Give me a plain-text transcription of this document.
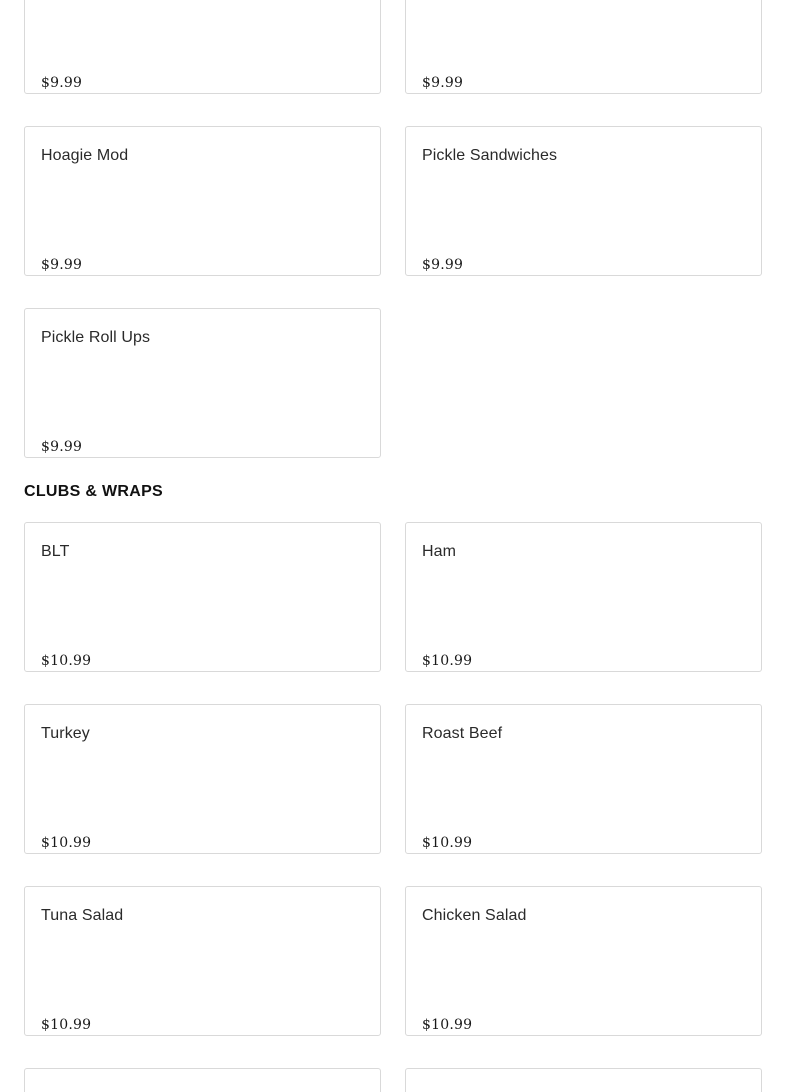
$9.99	$9.99
Hoagie Mod
$9.99
Pickle Sandwiches
$9.99
Pickle Roll Ups
$9.99
CLUBS & WRAPS
BLT
$10.99
Ham
$10.99
Turkey
$10.99
Roast Beef
$10.99
Tuna Salad
$10.99
Chicken Salad
$10.99
